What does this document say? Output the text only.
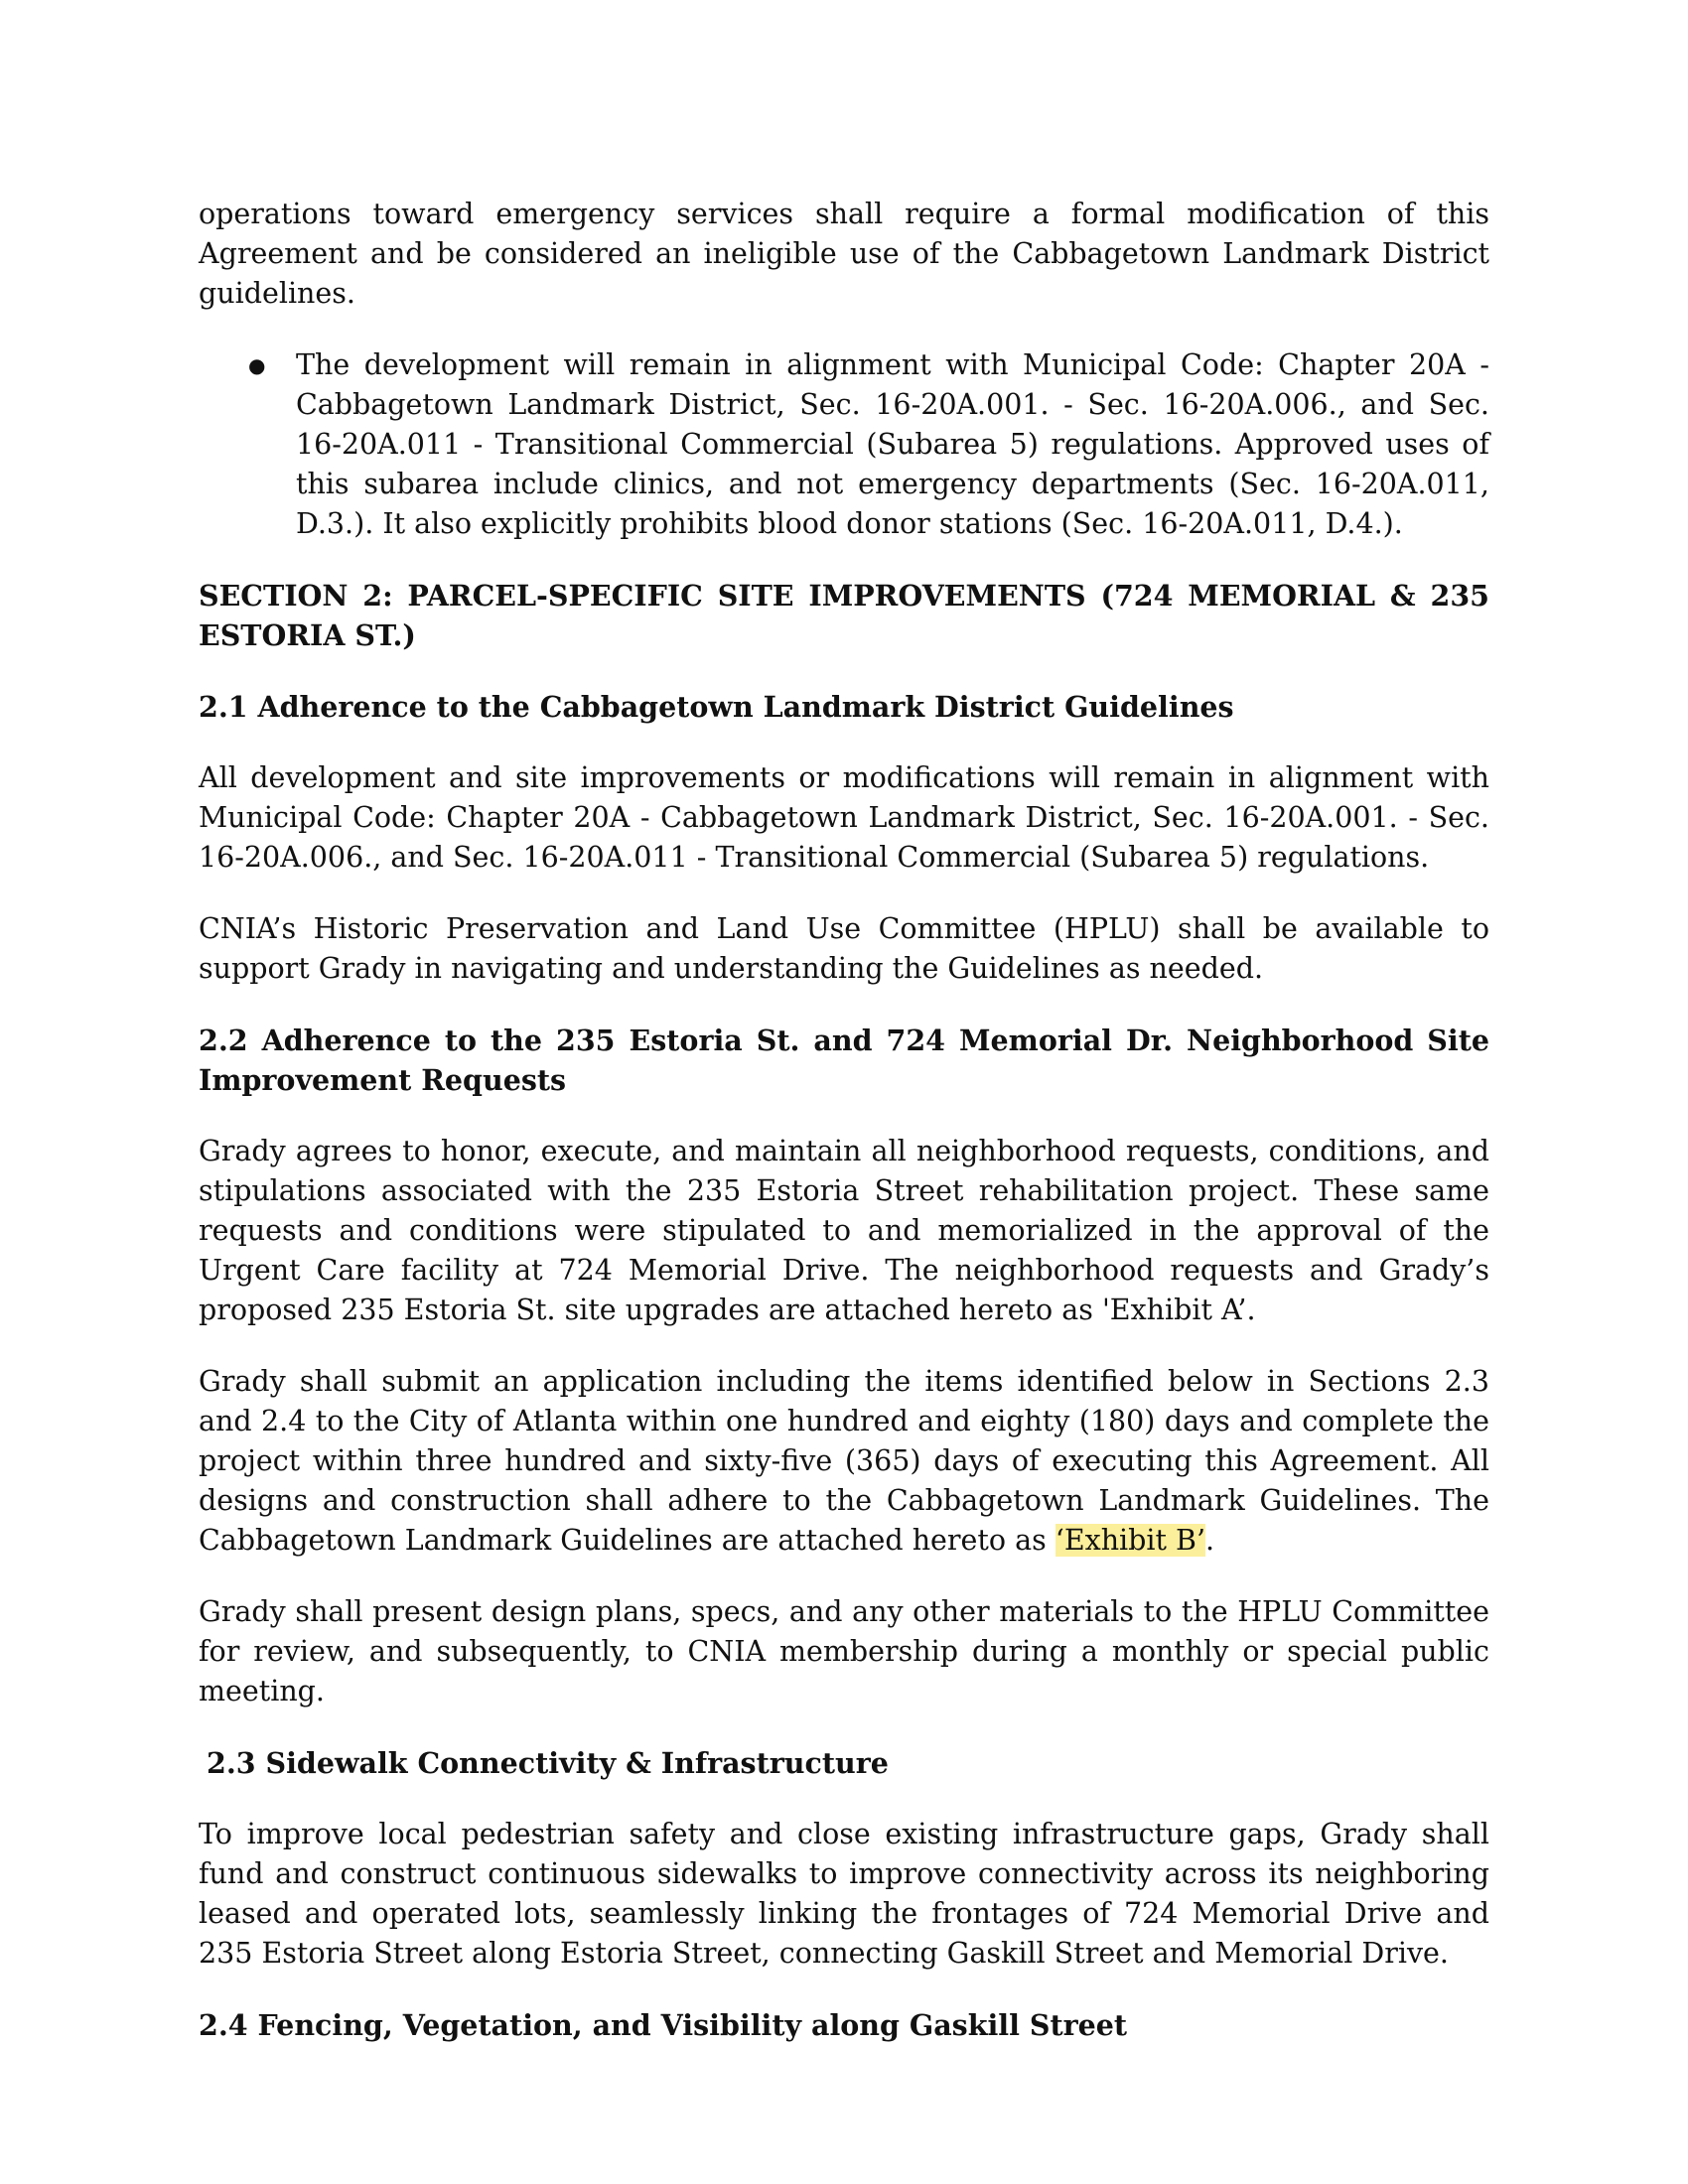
operations toward emergency services shall require a formal modification of this Agreement and be considered an ineligible use of the Cabbagetown Landmark District guidelines.

● The development will remain in alignment with Municipal Code: Chapter 20A - Cabbagetown Landmark District, Sec. 16-20A.001. - Sec. 16-20A.006., and Sec. 16-20A.011 - Transitional Commercial (Subarea 5) regulations. Approved uses of this subarea include clinics, and not emergency departments (Sec. 16-20A.011, D.3.). It also explicitly prohibits blood donor stations (Sec. 16-20A.011, D.4.).

SECTION 2: PARCEL-SPECIFIC SITE IMPROVEMENTS (724 MEMORIAL & 235 ESTORIA ST.)

2.1 Adherence to the Cabbagetown Landmark District Guidelines

All development and site improvements or modifications will remain in alignment with Municipal Code: Chapter 20A - Cabbagetown Landmark District, Sec. 16-20A.001. - Sec. 16-20A.006., and Sec. 16-20A.011 - Transitional Commercial (Subarea 5) regulations.

CNIA’s Historic Preservation and Land Use Committee (HPLU) shall be available to support Grady in navigating and understanding the Guidelines as needed.

2.2 Adherence to the 235 Estoria St. and 724 Memorial Dr. Neighborhood Site Improvement Requests

Grady agrees to honor, execute, and maintain all neighborhood requests, conditions, and stipulations associated with the 235 Estoria Street rehabilitation project. These same requests and conditions were stipulated to and memorialized in the approval of the Urgent Care facility at 724 Memorial Drive. The neighborhood requests and Grady’s proposed 235 Estoria St. site upgrades are attached hereto as 'Exhibit A’.

Grady shall submit an application including the items identified below in Sections 2.3 and 2.4 to the City of Atlanta within one hundred and eighty (180) days and complete the project within three hundred and sixty-five (365) days of executing this Agreement. All designs and construction shall adhere to the Cabbagetown Landmark Guidelines. The Cabbagetown Landmark Guidelines are attached hereto as ‘Exhibit B’.

Grady shall present design plans, specs, and any other materials to the HPLU Committee for review, and subsequently, to CNIA membership during a monthly or special public meeting.

2.3 Sidewalk Connectivity & Infrastructure

To improve local pedestrian safety and close existing infrastructure gaps, Grady shall fund and construct continuous sidewalks to improve connectivity across its neighboring leased and operated lots, seamlessly linking the frontages of 724 Memorial Drive and 235 Estoria Street along Estoria Street, connecting Gaskill Street and Memorial Drive.

2.4 Fencing, Vegetation, and Visibility along Gaskill Street
